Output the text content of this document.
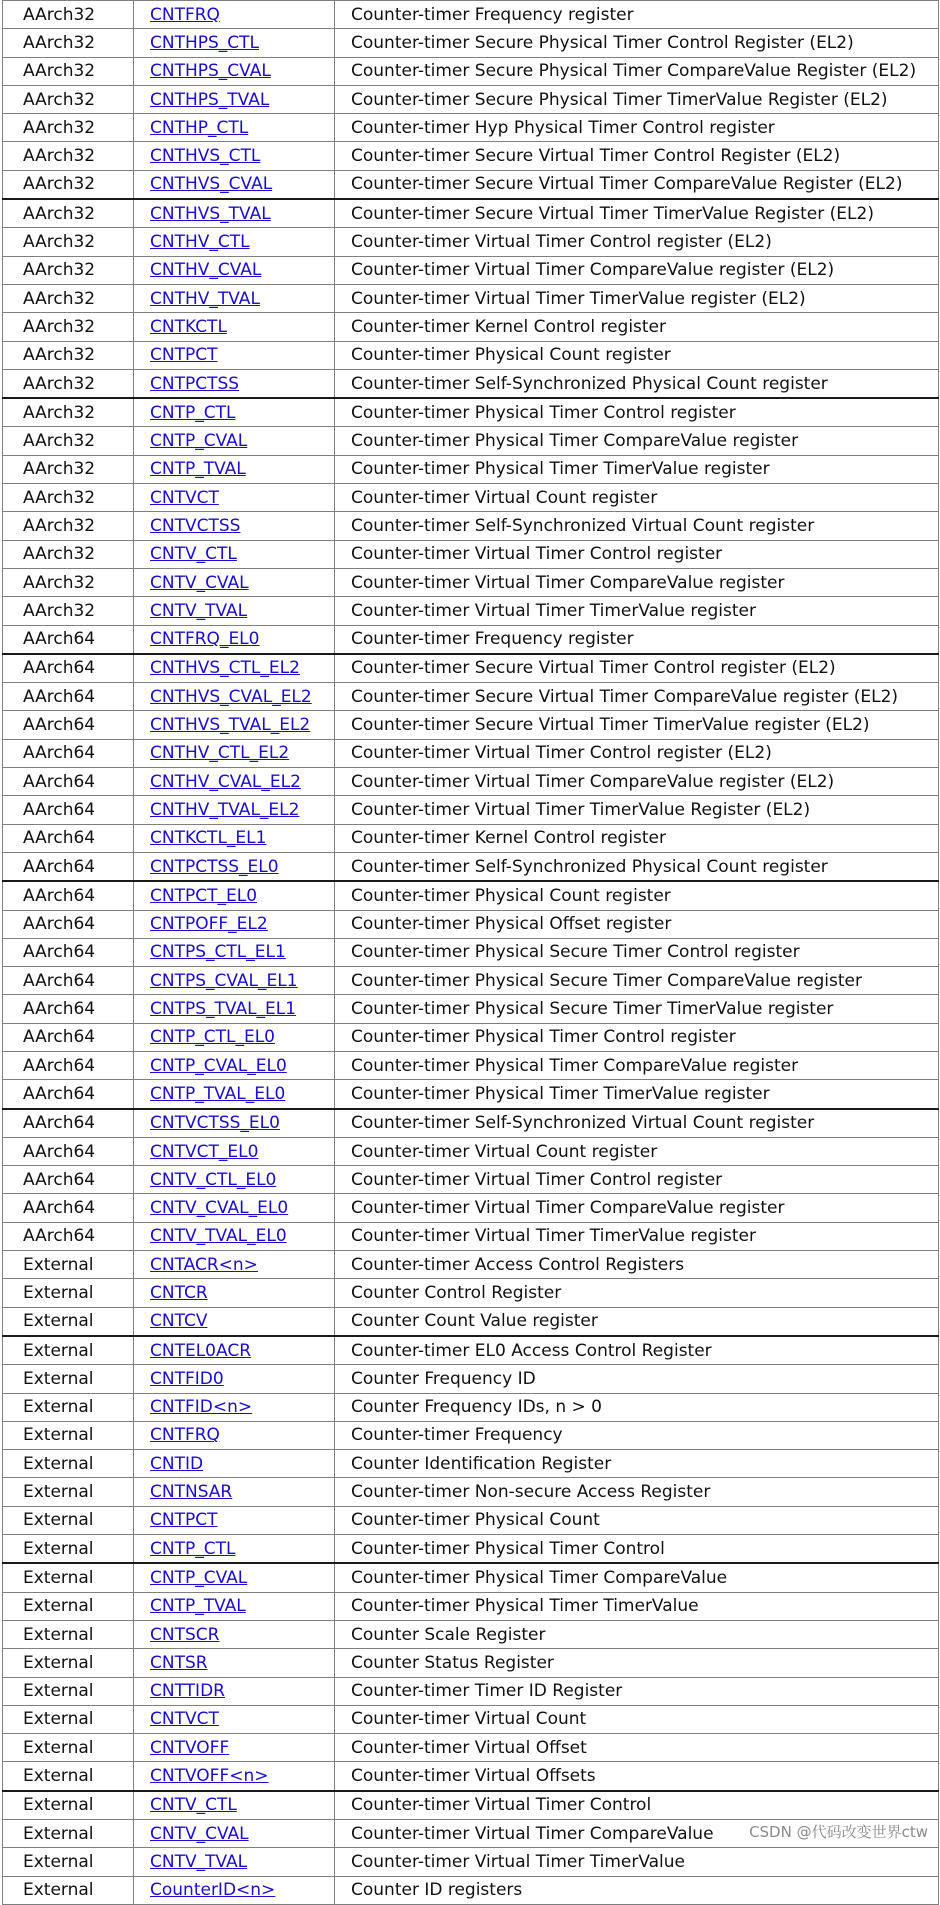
AArch32	CNTFRQ	Counter-timer Frequency register
AArch32	CNTHPS_CTL	Counter-timer Secure Physical Timer Control Register (EL2)
AArch32	CNTHPS_CVAL	Counter-timer Secure Physical Timer CompareValue Register (EL2)
AArch32	CNTHPS_TVAL	Counter-timer Secure Physical Timer TimerValue Register (EL2)
AArch32	CNTHP_CTL	Counter-timer Hyp Physical Timer Control register
AArch32	CNTHVS_CTL	Counter-timer Secure Virtual Timer Control Register (EL2)
AArch32	CNTHVS_CVAL	Counter-timer Secure Virtual Timer CompareValue Register (EL2)
AArch32	CNTHVS_TVAL	Counter-timer Secure Virtual Timer TimerValue Register (EL2)
AArch32	CNTHV_CTL	Counter-timer Virtual Timer Control register (EL2)
AArch32	CNTHV_CVAL	Counter-timer Virtual Timer CompareValue register (EL2)
AArch32	CNTHV_TVAL	Counter-timer Virtual Timer TimerValue register (EL2)
AArch32	CNTKCTL	Counter-timer Kernel Control register
AArch32	CNTPCT	Counter-timer Physical Count register
AArch32	CNTPCTSS	Counter-timer Self-Synchronized Physical Count register
AArch32	CNTP_CTL	Counter-timer Physical Timer Control register
AArch32	CNTP_CVAL	Counter-timer Physical Timer CompareValue register
AArch32	CNTP_TVAL	Counter-timer Physical Timer TimerValue register
AArch32	CNTVCT	Counter-timer Virtual Count register
AArch32	CNTVCTSS	Counter-timer Self-Synchronized Virtual Count register
AArch32	CNTV_CTL	Counter-timer Virtual Timer Control register
AArch32	CNTV_CVAL	Counter-timer Virtual Timer CompareValue register
AArch32	CNTV_TVAL	Counter-timer Virtual Timer TimerValue register
AArch64	CNTFRQ_EL0	Counter-timer Frequency register
AArch64	CNTHVS_CTL_EL2	Counter-timer Secure Virtual Timer Control register (EL2)
AArch64	CNTHVS_CVAL_EL2	Counter-timer Secure Virtual Timer CompareValue register (EL2)
AArch64	CNTHVS_TVAL_EL2	Counter-timer Secure Virtual Timer TimerValue register (EL2)
AArch64	CNTHV_CTL_EL2	Counter-timer Virtual Timer Control register (EL2)
AArch64	CNTHV_CVAL_EL2	Counter-timer Virtual Timer CompareValue register (EL2)
AArch64	CNTHV_TVAL_EL2	Counter-timer Virtual Timer TimerValue Register (EL2)
AArch64	CNTKCTL_EL1	Counter-timer Kernel Control register
AArch64	CNTPCTSS_EL0	Counter-timer Self-Synchronized Physical Count register
AArch64	CNTPCT_EL0	Counter-timer Physical Count register
AArch64	CNTPOFF_EL2	Counter-timer Physical Offset register
AArch64	CNTPS_CTL_EL1	Counter-timer Physical Secure Timer Control register
AArch64	CNTPS_CVAL_EL1	Counter-timer Physical Secure Timer CompareValue register
AArch64	CNTPS_TVAL_EL1	Counter-timer Physical Secure Timer TimerValue register
AArch64	CNTP_CTL_EL0	Counter-timer Physical Timer Control register
AArch64	CNTP_CVAL_EL0	Counter-timer Physical Timer CompareValue register
AArch64	CNTP_TVAL_EL0	Counter-timer Physical Timer TimerValue register
AArch64	CNTVCTSS_EL0	Counter-timer Self-Synchronized Virtual Count register
AArch64	CNTVCT_EL0	Counter-timer Virtual Count register
AArch64	CNTV_CTL_EL0	Counter-timer Virtual Timer Control register
AArch64	CNTV_CVAL_EL0	Counter-timer Virtual Timer CompareValue register
AArch64	CNTV_TVAL_EL0	Counter-timer Virtual Timer TimerValue register
External	CNTACR<n>	Counter-timer Access Control Registers
External	CNTCR	Counter Control Register
External	CNTCV	Counter Count Value register
External	CNTEL0ACR	Counter-timer EL0 Access Control Register
External	CNTFID0	Counter Frequency ID
External	CNTFID<n>	Counter Frequency IDs, n > 0
External	CNTFRQ	Counter-timer Frequency
External	CNTID	Counter Identification Register
External	CNTNSAR	Counter-timer Non-secure Access Register
External	CNTPCT	Counter-timer Physical Count
External	CNTP_CTL	Counter-timer Physical Timer Control
External	CNTP_CVAL	Counter-timer Physical Timer CompareValue
External	CNTP_TVAL	Counter-timer Physical Timer TimerValue
External	CNTSCR	Counter Scale Register
External	CNTSR	Counter Status Register
External	CNTTIDR	Counter-timer Timer ID Register
External	CNTVCT	Counter-timer Virtual Count
External	CNTVOFF	Counter-timer Virtual Offset
External	CNTVOFF<n>	Counter-timer Virtual Offsets
External	CNTV_CTL	Counter-timer Virtual Timer Control
External	CNTV_CVAL	Counter-timer Virtual Timer CompareValue
External	CNTV_TVAL	Counter-timer Virtual Timer TimerValue
External	CounterID<n>	Counter ID registers
CSDN @代码改变世界ctw
